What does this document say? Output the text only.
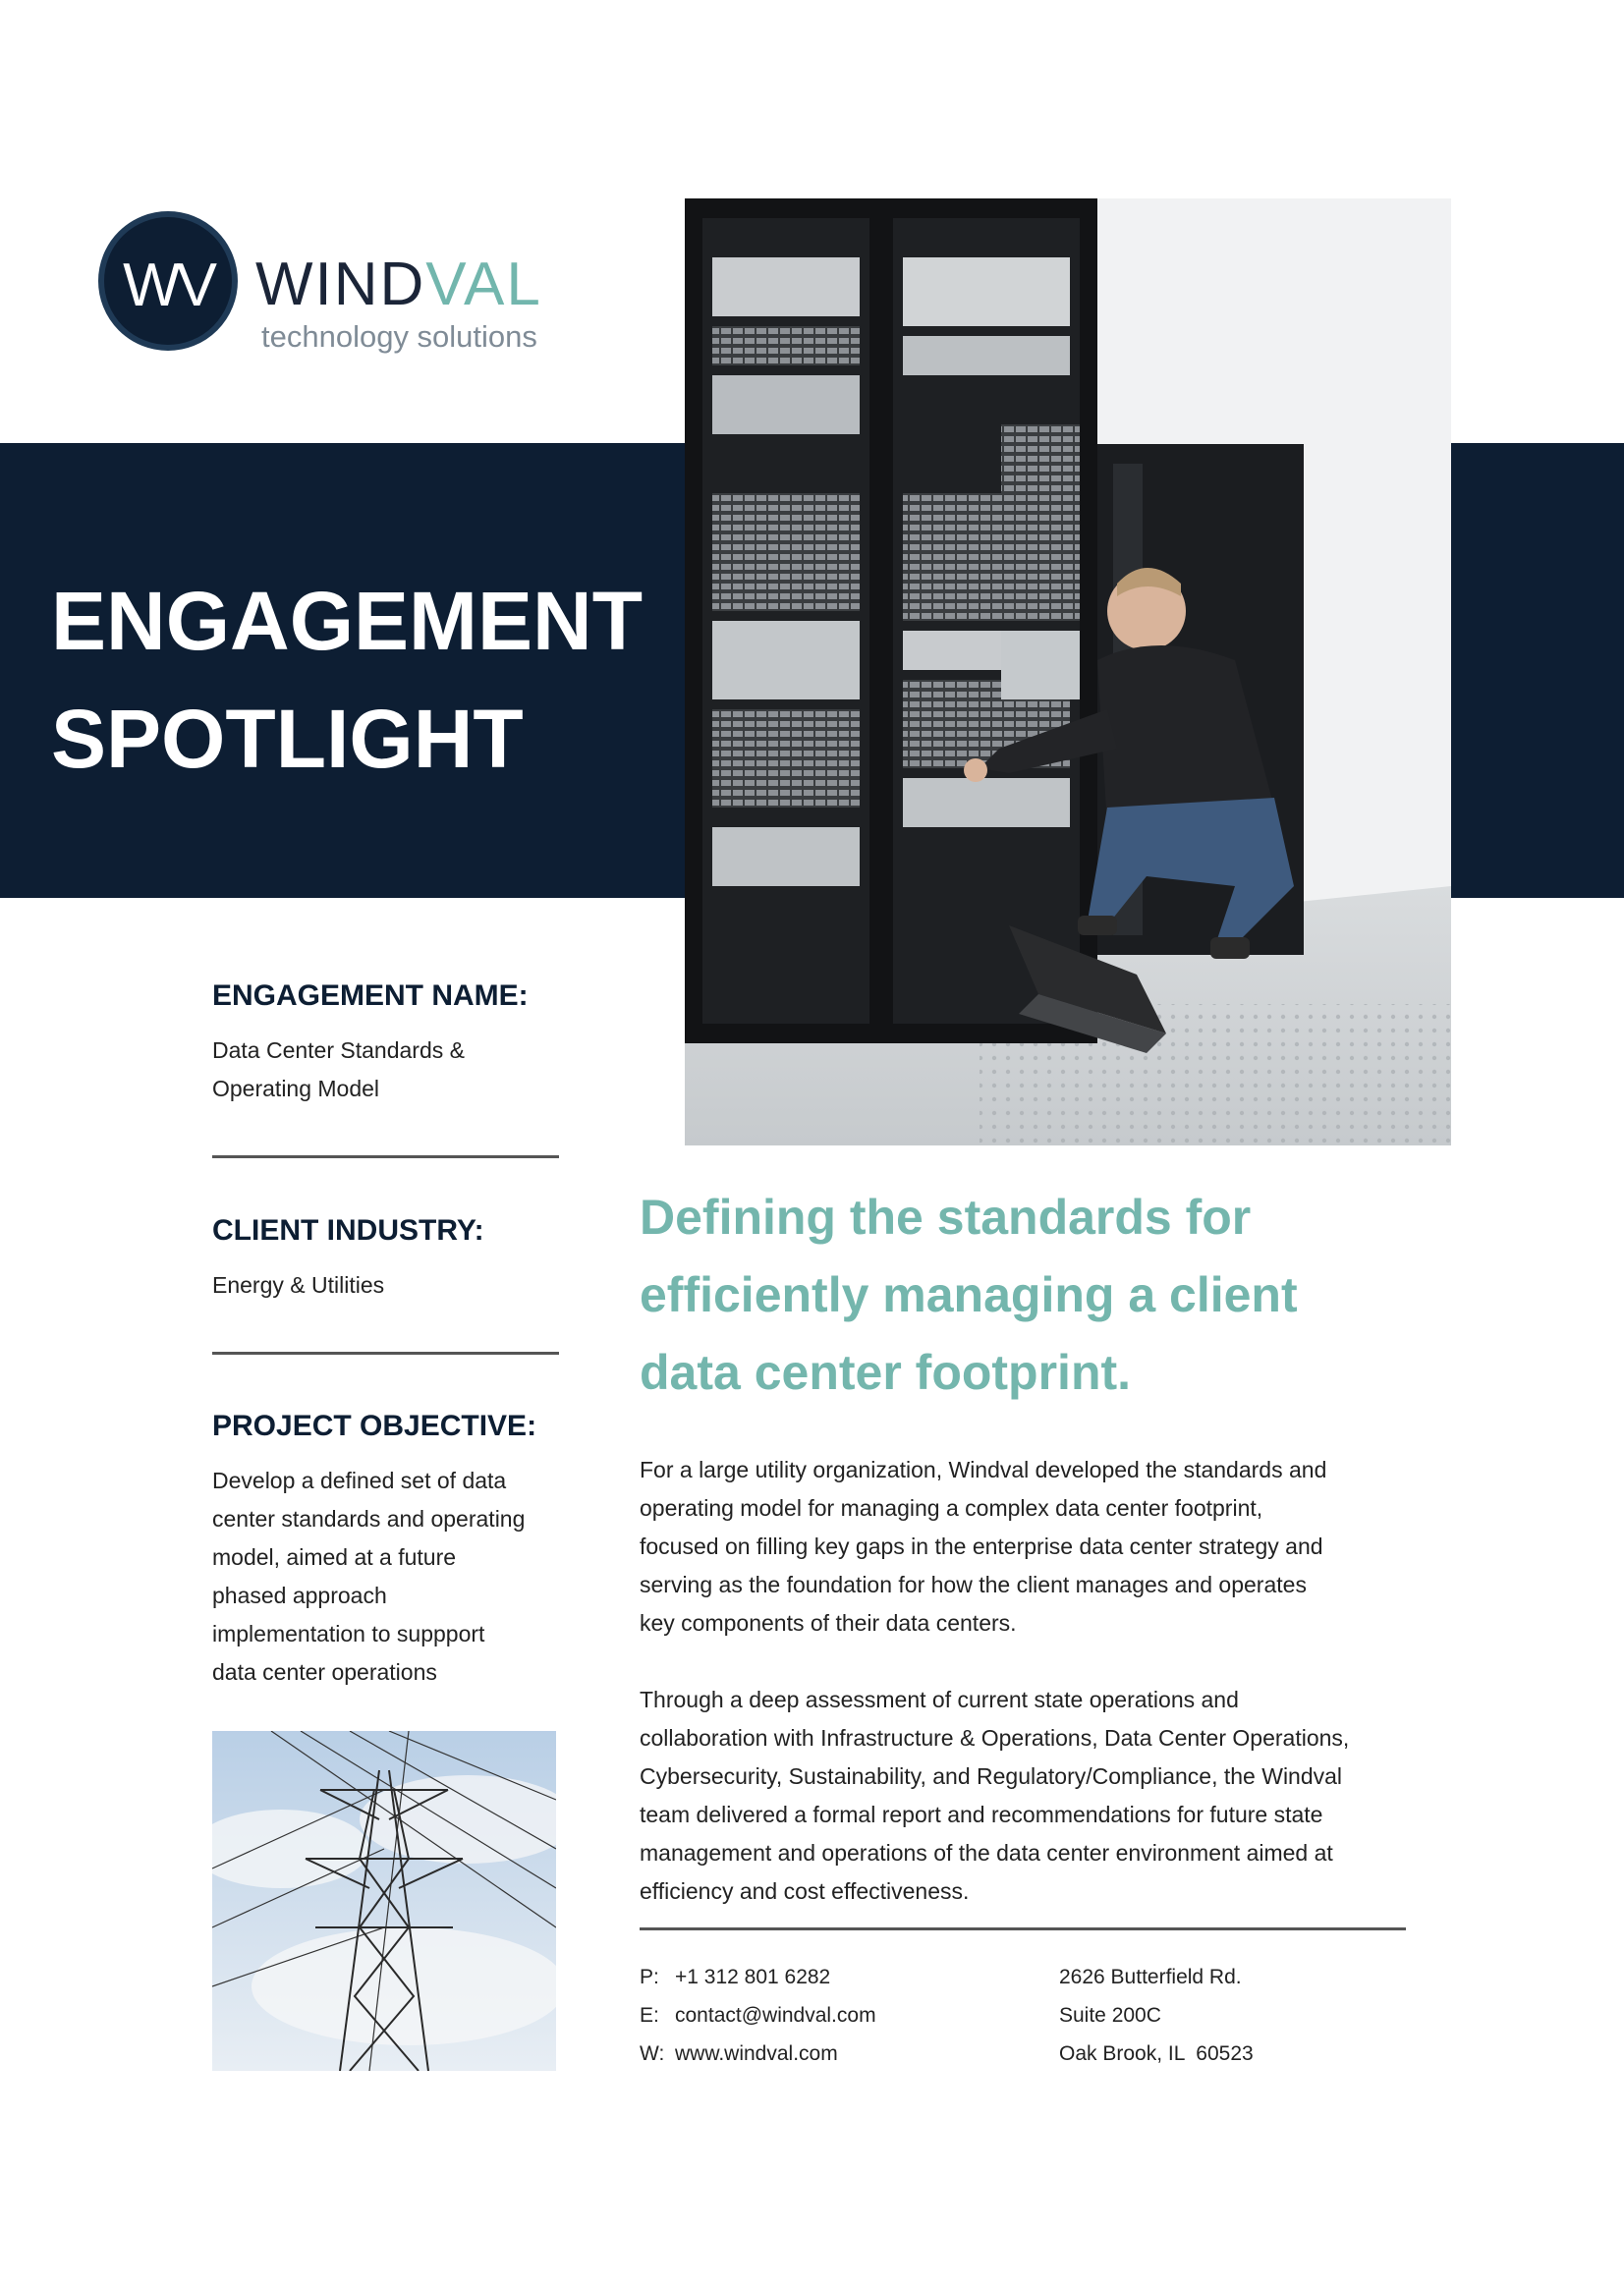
WV WINDVAL
technology solutions
ENGAGEMENT
SPOTLIGHT
ENGAGEMENT NAME:
Data Center Standards &
Operating Model
CLIENT INDUSTRY:
Energy & Utilities
PROJECT OBJECTIVE:
Develop a defined set of data
center standards and operating
model, aimed at a future
phased approach
implementation to suppport
data center operations
Defining the standards for
efficiently managing a client
data center footprint.
For a large utility organization, Windval developed the standards and
operating model for managing a complex data center footprint,
focused on filling key gaps in the enterprise data center strategy and
serving as the foundation for how the client manages and operates
key components of their data centers.
Through a deep assessment of current state operations and
collaboration with Infrastructure & Operations, Data Center Operations,
Cybersecurity, Sustainability, and Regulatory/Compliance, the Windval
team delivered a formal report and recommendations for future state
management and operations of the data center environment aimed at
efficiency and cost effectiveness.
P: +1 312 801 6282
E: contact@windval.com
W: www.windval.com
2626 Butterfield Rd.
Suite 200C
Oak Brook, IL  60523
